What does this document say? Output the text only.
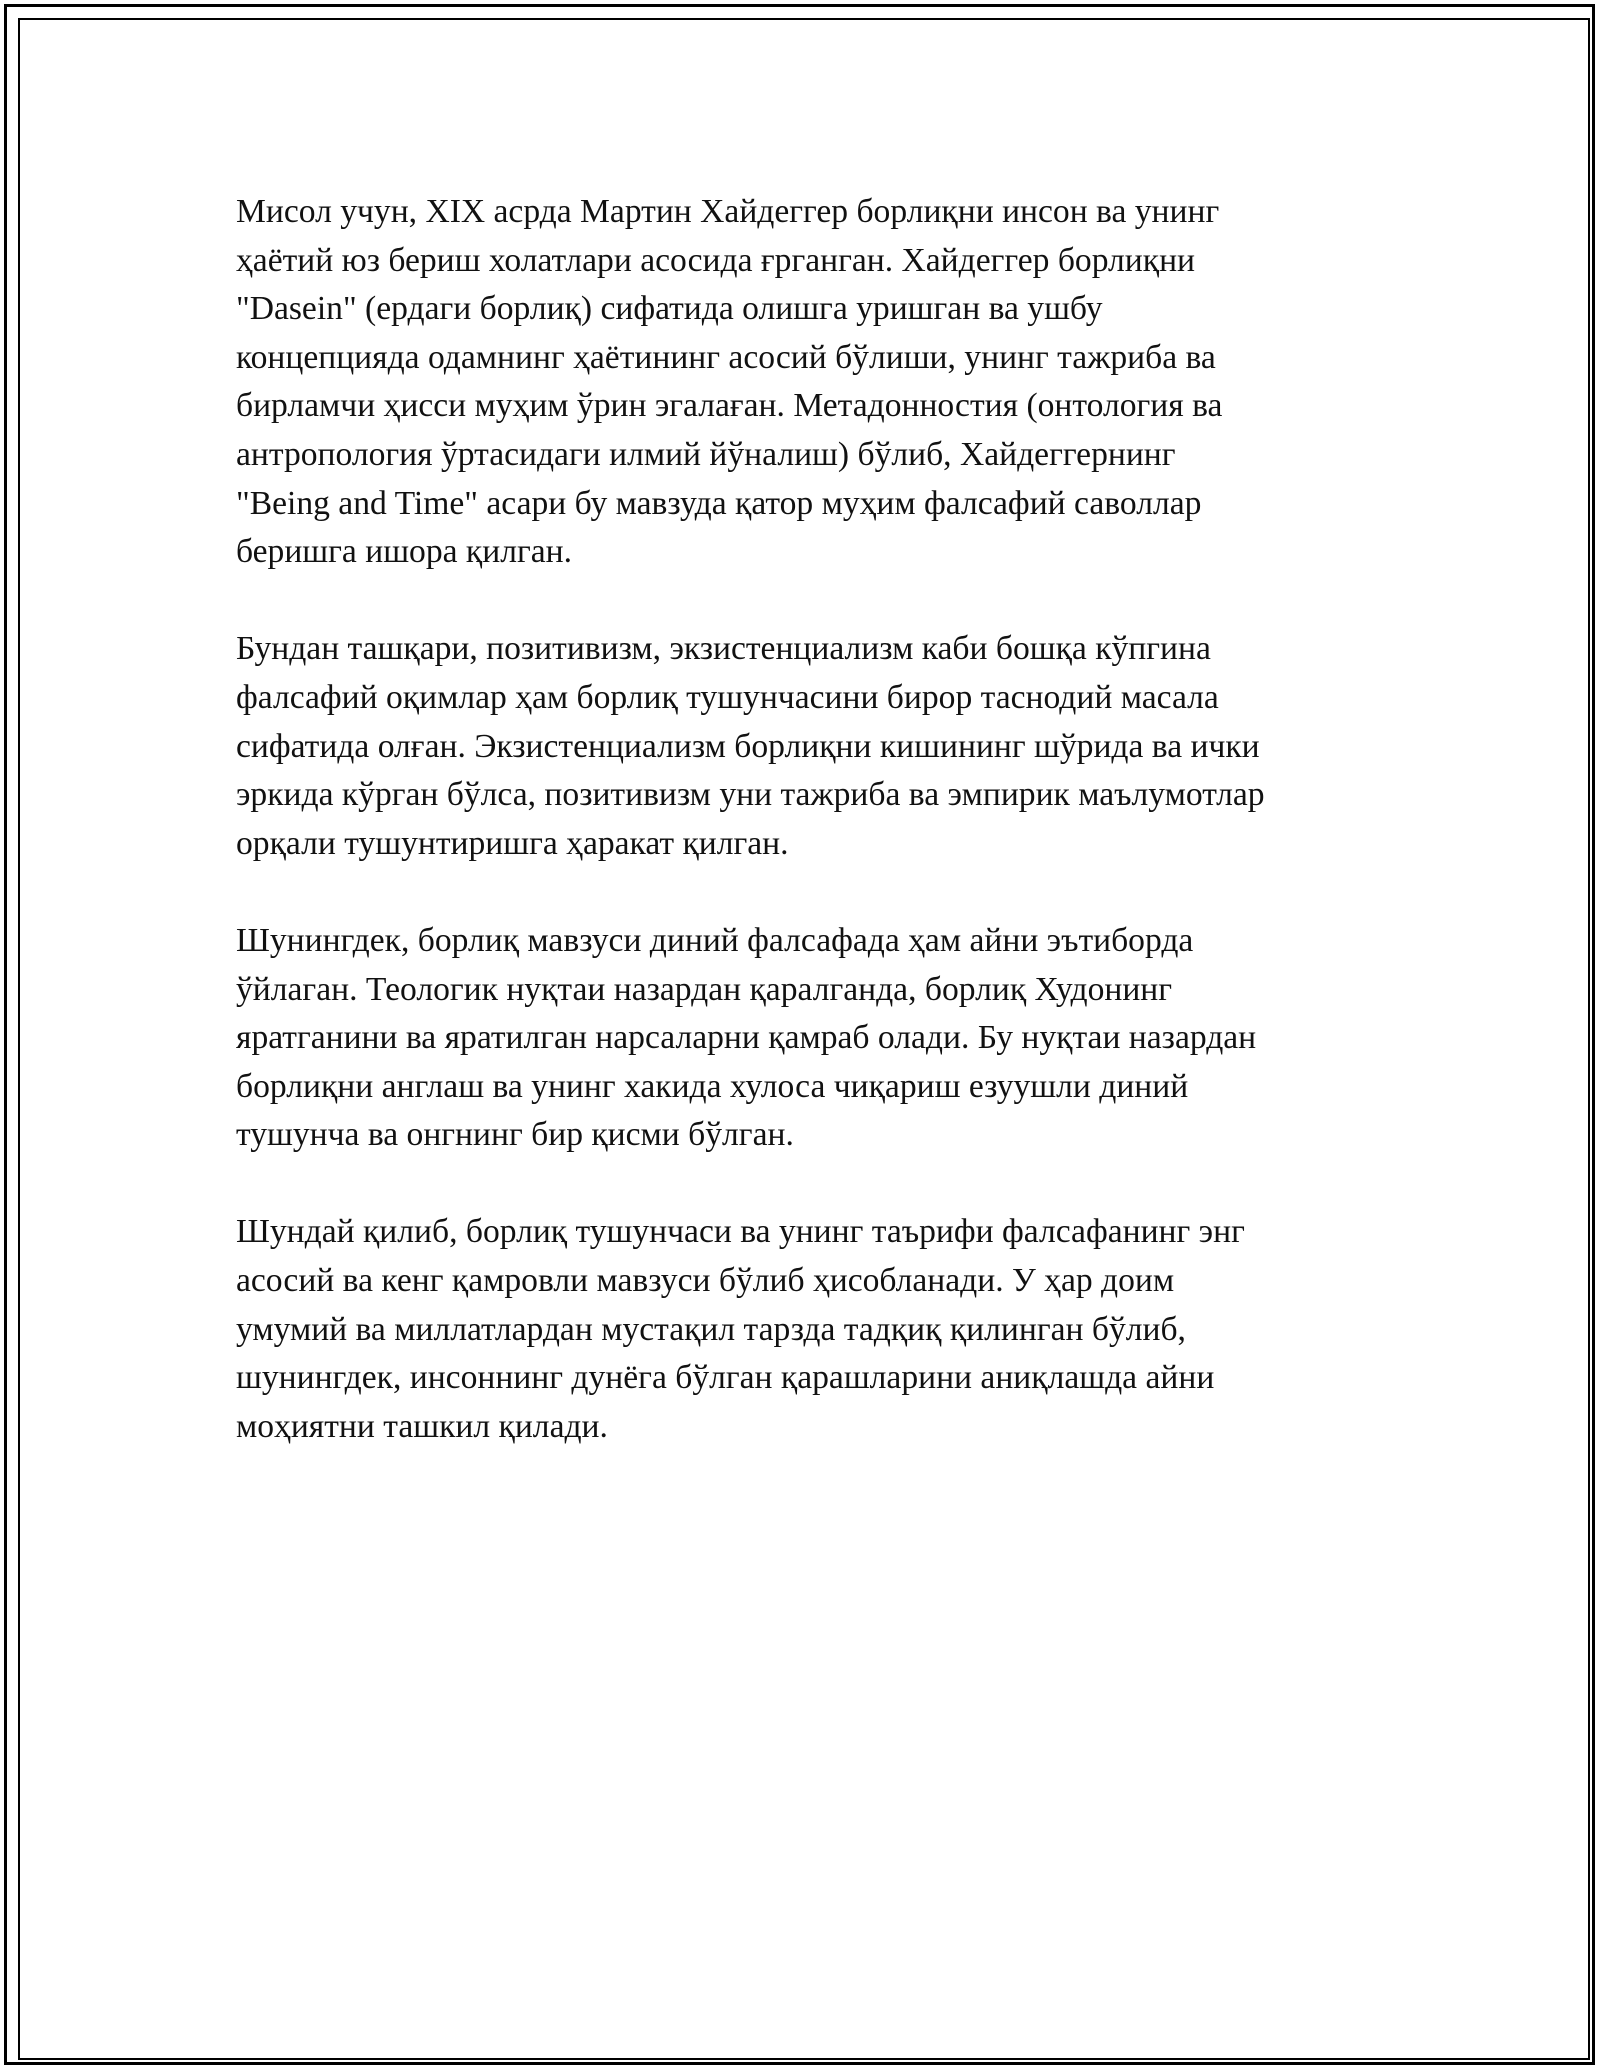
Мисол учун, XIX асрда Мартин Хайдеггер борлиқни инсон ва унинг
ҳаётий юз бериш холатлари асосида ғрганган. Хайдеггер борлиқни
"Dasein" (ердаги борлиқ) сифатида олишга уришган ва ушбу
концепцияда одамнинг ҳаётининг асосий бўлиши, унинг тажриба ва
бирламчи ҳисси муҳим ўрин эгалаған. Метадонностия (онтология ва
антропология ўртасидаги илмий йўналиш) бўлиб, Хайдеггернинг
"Being and Time" асари бу мавзуда қатор муҳим фалсафий саволлар
беришга ишора қилган.

Бундан ташқари, позитивизм, экзистенциализм каби бошқа кўпгина
фалсафий оқимлар ҳам борлиқ тушунчасини бирор таснодий масала
сифатида олған. Экзистенциализм борлиқни кишининг шўрида ва ички
эркида кўрган бўлса, позитивизм уни тажриба ва эмпирик маълумотлар
орқали тушунтиришга ҳаракат қилган.

Шунингдек, борлиқ мавзуси диний фалсафада ҳам айни эътиборда
ўйлаган. Теологик нуқтаи назардан қаралганда, борлиқ Худонинг
яратганини ва яратилган нарсаларни қамраб олади. Бу нуқтаи назардан
борлиқни англаш ва унинг хакида хулоса чиқариш езуушли диний
тушунча ва онгнинг бир қисми бўлган.

Шундай қилиб, борлиқ тушунчаси ва унинг таърифи фалсафанинг энг
асосий ва кенг қамровли мавзуси бўлиб ҳисобланади. У ҳар доим
умумий ва миллатлардан мустақил тарзда тадқиқ қилинган бўлиб,
шунингдек, инсоннинг дунёга бўлган қарашларини аниқлашда айни
моҳиятни ташкил қилади.
